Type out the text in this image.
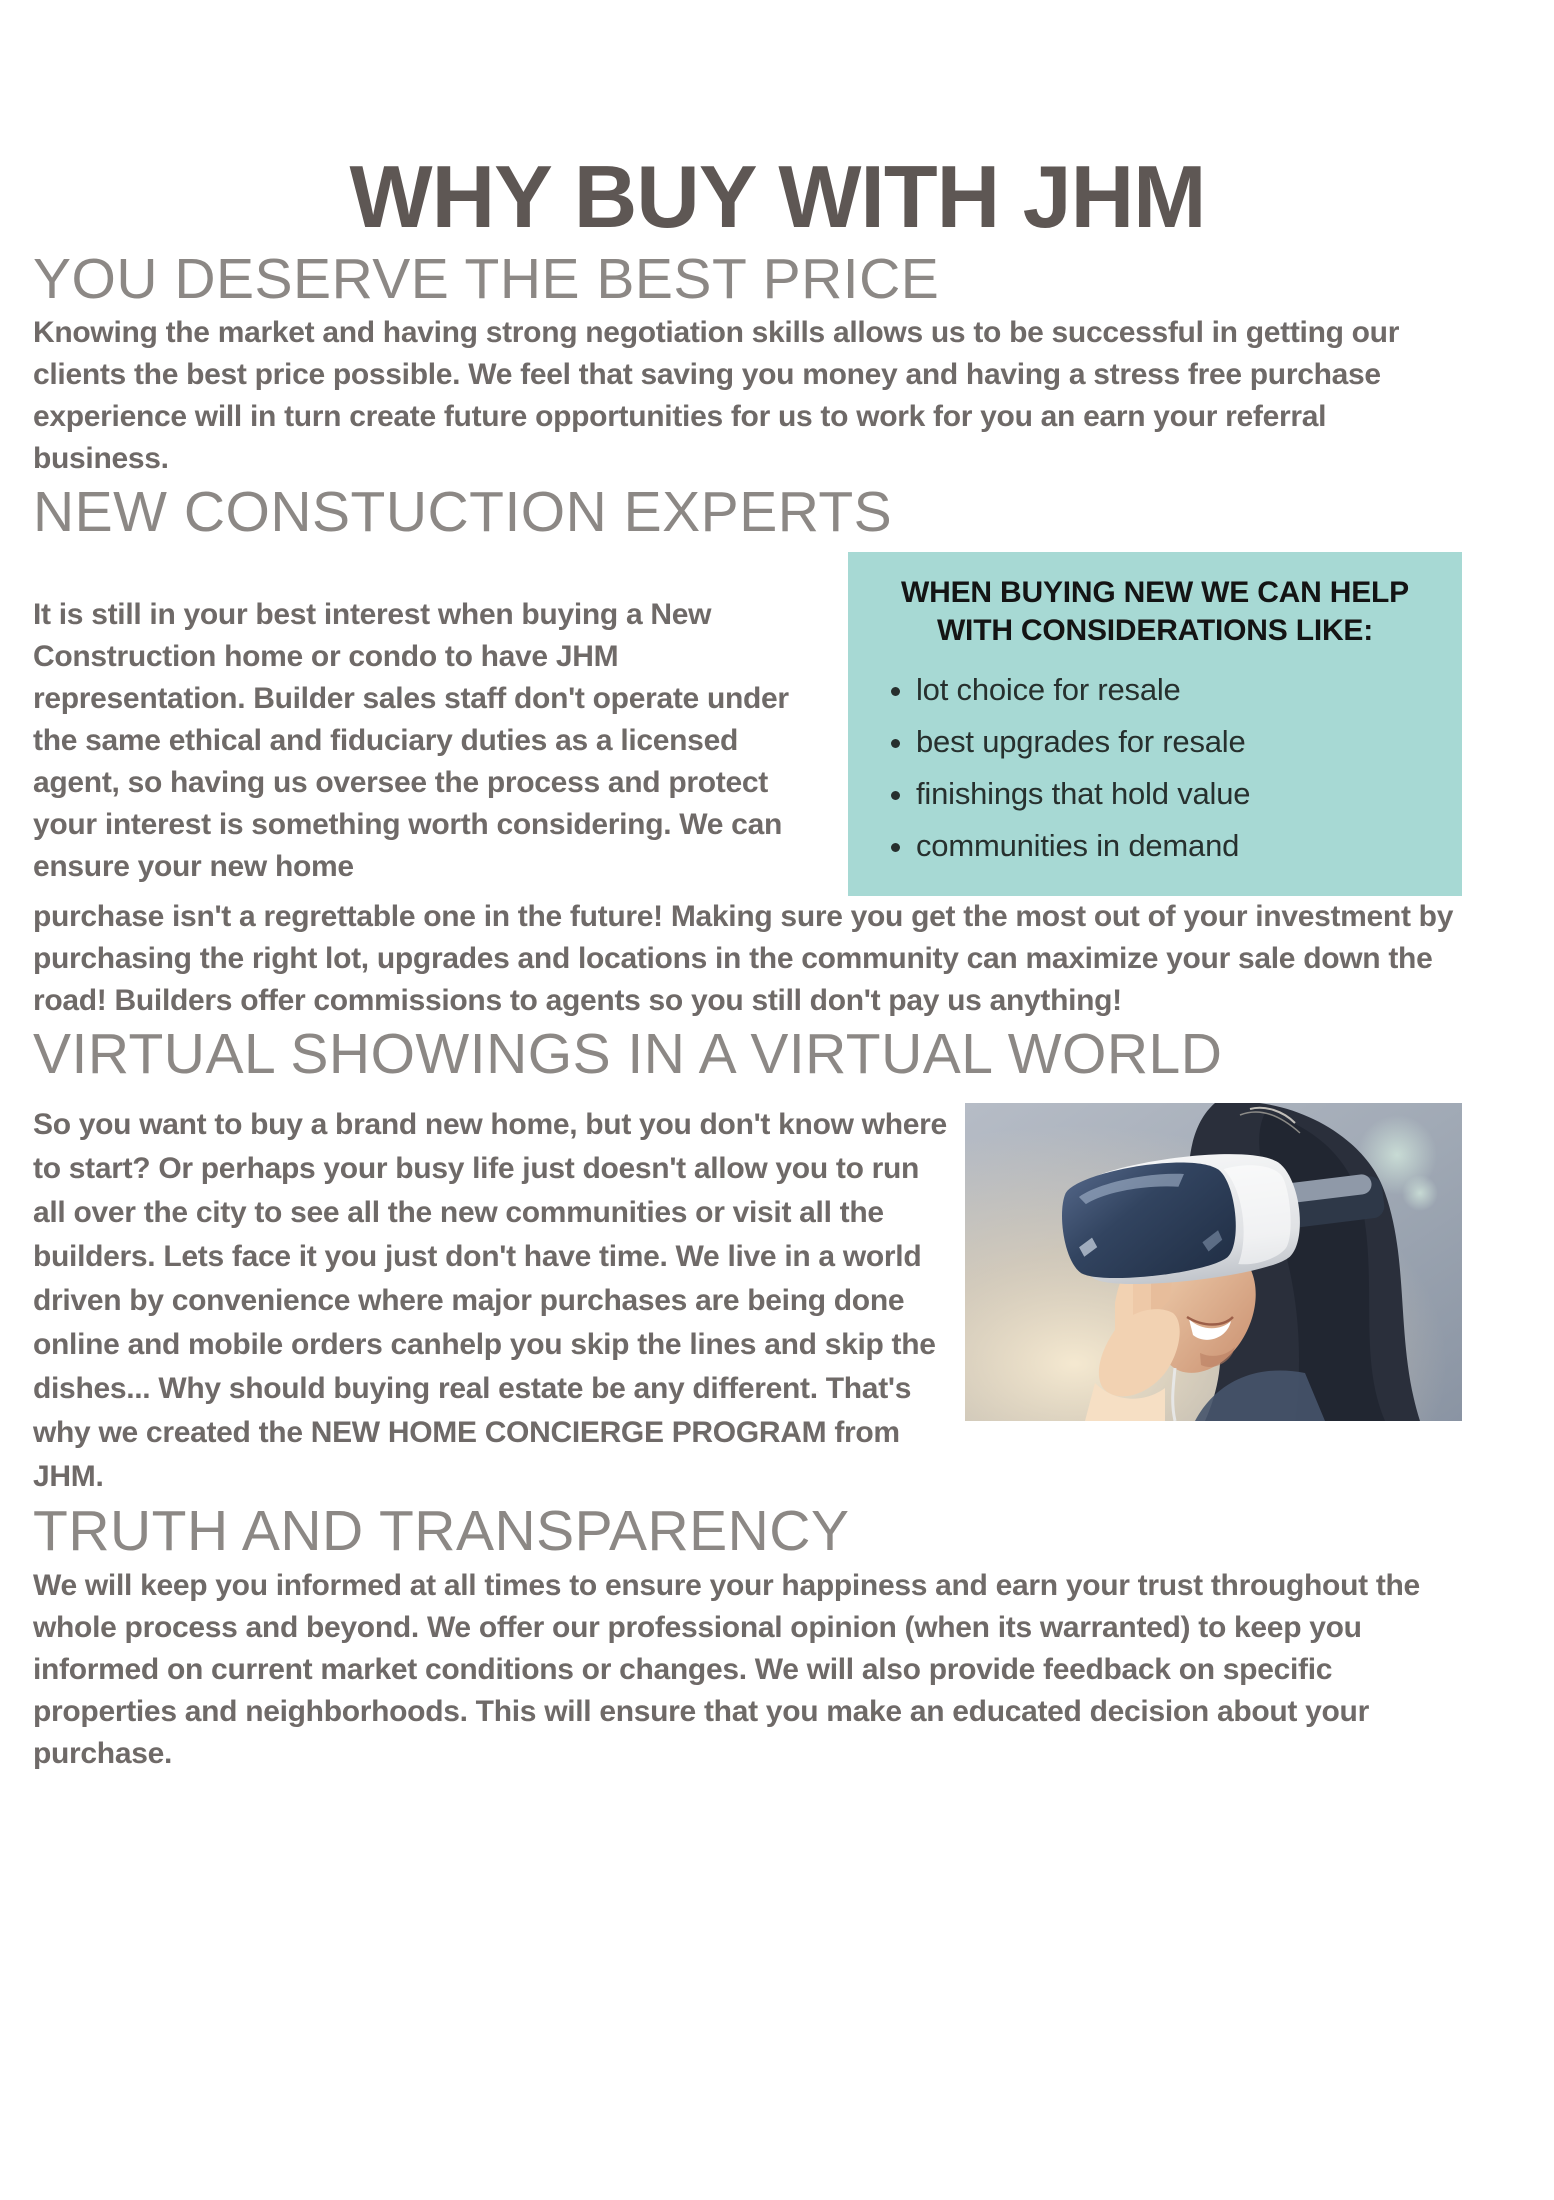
WHY BUY WITH JHM
YOU DESERVE THE BEST PRICE

Knowing the market and having strong negotiation skills allows us to be successful in getting our clients the best price possible. We feel that saving you money and having a stress free purchase experience will in turn create future opportunities for us to work for you an earn your referral business.

NEW CONSTUCTION EXPERTS

It is still in your best interest when buying a New Construction home or condo to have JHM representation. Builder sales staff don't operate under the same ethical and fiduciary duties as a licensed agent, so having us oversee the process and protect your interest is something worth considering. We can ensure your new home

WHEN BUYING NEW WE CAN HELP WITH CONSIDERATIONS LIKE:
• lot choice for resale
• best upgrades for resale
• finishings that hold value
• communities in demand

purchase isn't a regrettable one in the future! Making sure you get the most out of your investment by purchasing the right lot, upgrades and locations in the community can maximize your sale down the road! Builders offer commissions to agents so you still don't pay us anything!

VIRTUAL SHOWINGS IN A VIRTUAL WORLD

So you want to buy a brand new home, but you don't know where to start? Or perhaps your busy life just doesn't allow you to run all over the city to see all the new communities or visit all the builders. Lets face it you just don't have time. We live in a world driven by convenience where major purchases are being done online and mobile orders canhelp you skip the lines and skip the dishes... Why should buying real estate be any different. That's why we created the NEW HOME CONCIERGE PROGRAM from JHM.

TRUTH AND TRANSPARENCY

We will keep you informed at all times to ensure your happiness and earn your trust throughout the whole process and beyond. We offer our professional opinion (when its warranted) to keep you informed on current market conditions or changes. We will also provide feedback on specific properties and neighborhoods. This will ensure that you make an educated decision about your purchase.
